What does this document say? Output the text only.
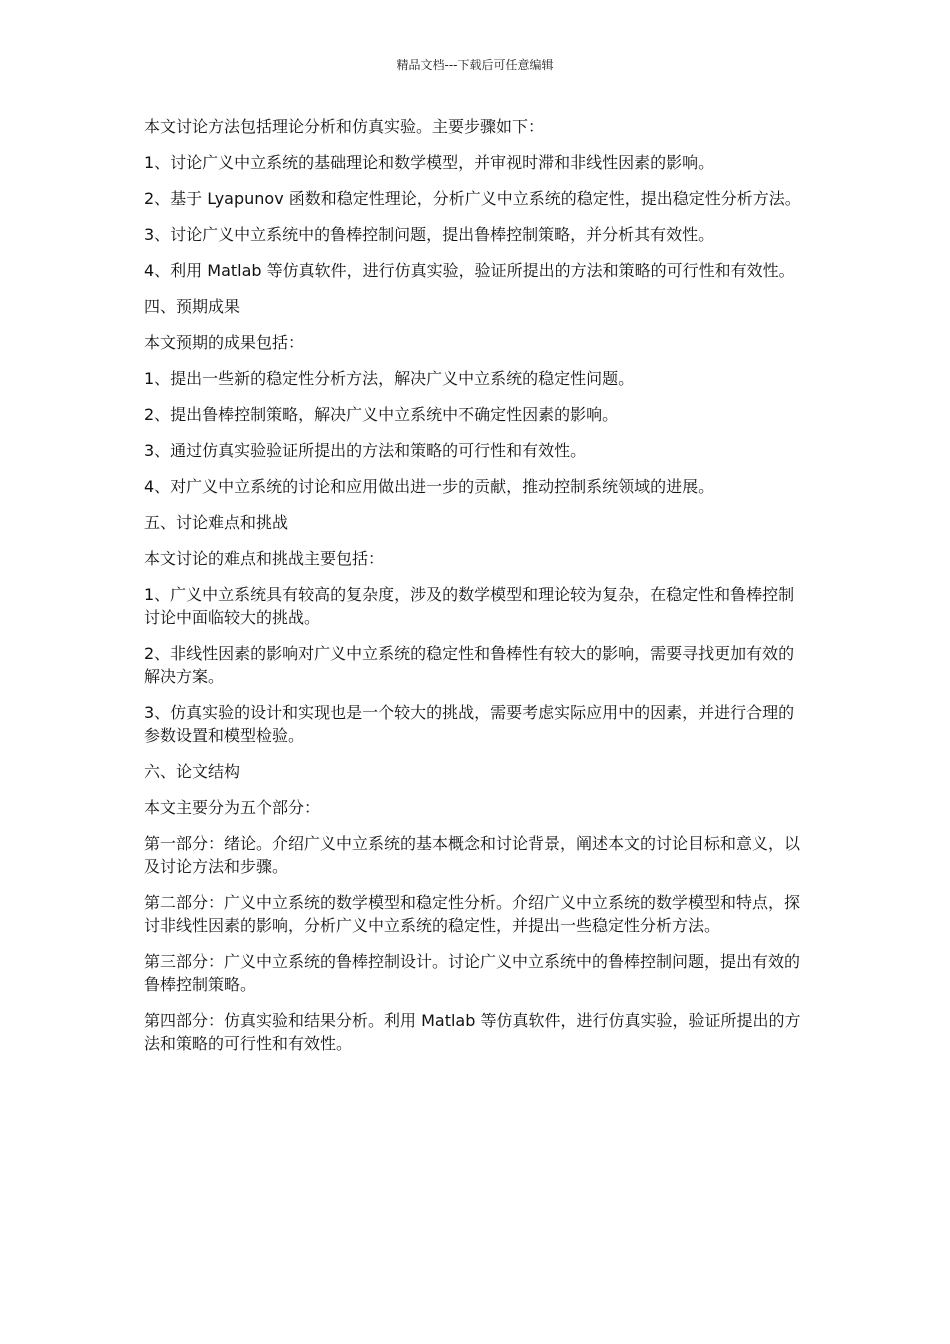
精品文档---下载后可任意编辑

本文讨论方法包括理论分析和仿真实验。主要步骤如下：

1、讨论广义中立系统的基础理论和数学模型，并审视时滞和非线性因素的影响。

2、基于 Lyapunov 函数和稳定性理论，分析广义中立系统的稳定性，提出稳定性分析方法。

3、讨论广义中立系统中的鲁棒控制问题，提出鲁棒控制策略，并分析其有效性。

4、利用 Matlab 等仿真软件，进行仿真实验，验证所提出的方法和策略的可行性和有效性。

四、预期成果

本文预期的成果包括：

1、提出一些新的稳定性分析方法，解决广义中立系统的稳定性问题。

2、提出鲁棒控制策略，解决广义中立系统中不确定性因素的影响。

3、通过仿真实验验证所提出的方法和策略的可行性和有效性。

4、对广义中立系统的讨论和应用做出进一步的贡献，推动控制系统领域的进展。

五、讨论难点和挑战

本文讨论的难点和挑战主要包括：

1、广义中立系统具有较高的复杂度，涉及的数学模型和理论较为复杂，在稳定性和鲁棒控制讨论中面临较大的挑战。

2、非线性因素的影响对广义中立系统的稳定性和鲁棒性有较大的影响，需要寻找更加有效的解决方案。

3、仿真实验的设计和实现也是一个较大的挑战，需要考虑实际应用中的因素，并进行合理的参数设置和模型检验。

六、论文结构

本文主要分为五个部分：

第一部分：绪论。介绍广义中立系统的基本概念和讨论背景，阐述本文的讨论目标和意义，以及讨论方法和步骤。

第二部分：广义中立系统的数学模型和稳定性分析。介绍广义中立系统的数学模型和特点，探讨非线性因素的影响，分析广义中立系统的稳定性，并提出一些稳定性分析方法。

第三部分：广义中立系统的鲁棒控制设计。讨论广义中立系统中的鲁棒控制问题，提出有效的鲁棒控制策略。

第四部分：仿真实验和结果分析。利用 Matlab 等仿真软件，进行仿真实验，验证所提出的方法和策略的可行性和有效性。
